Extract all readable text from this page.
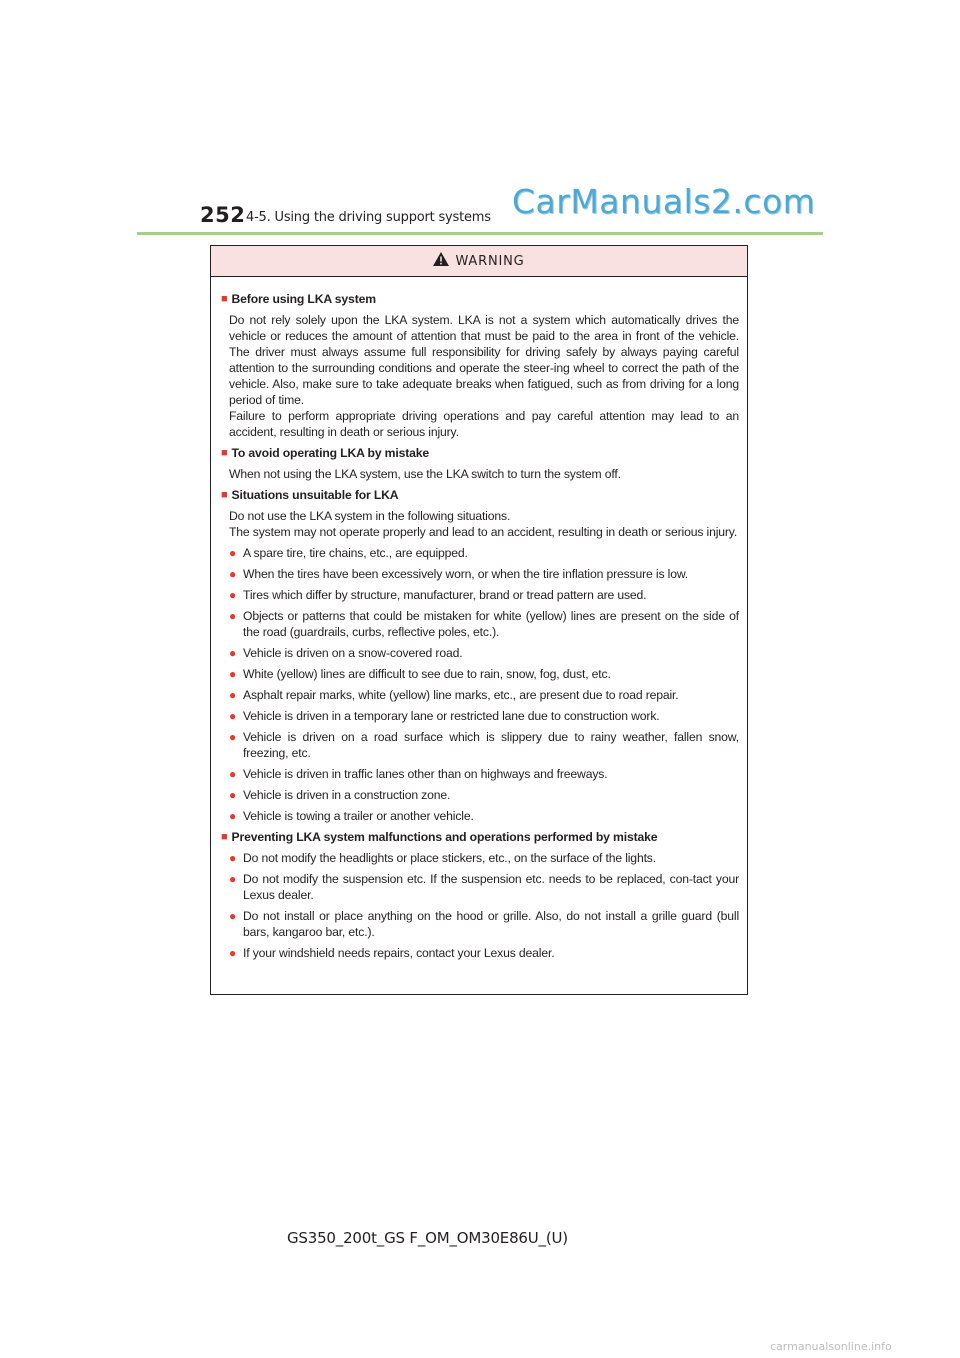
252 4-5. Using the driving support systems CarManuals2.com
WARNING
■ Before using LKA system
Do not rely solely upon the LKA system. LKA is not a system which automatically drives the vehicle or reduces the amount of attention that must be paid to the area in front of the vehicle. The driver must always assume full responsibility for driving safely by always paying careful attention to the surrounding conditions and operate the steer-ing wheel to correct the path of the vehicle. Also, make sure to take adequate breaks when fatigued, such as from driving for a long period of time.
Failure to perform appropriate driving operations and pay careful attention may lead to an accident, resulting in death or serious injury.
■ To avoid operating LKA by mistake
When not using the LKA system, use the LKA switch to turn the system off.
■ Situations unsuitable for LKA
Do not use the LKA system in the following situations.
The system may not operate properly and lead to an accident, resulting in death or serious injury.
● A spare tire, tire chains, etc., are equipped.
● When the tires have been excessively worn, or when the tire inflation pressure is low.
● Tires which differ by structure, manufacturer, brand or tread pattern are used.
● Objects or patterns that could be mistaken for white (yellow) lines are present on the side of the road (guardrails, curbs, reflective poles, etc.).
● Vehicle is driven on a snow-covered road.
● White (yellow) lines are difficult to see due to rain, snow, fog, dust, etc.
● Asphalt repair marks, white (yellow) line marks, etc., are present due to road repair.
● Vehicle is driven in a temporary lane or restricted lane due to construction work.
● Vehicle is driven on a road surface which is slippery due to rainy weather, fallen snow, freezing, etc.
● Vehicle is driven in traffic lanes other than on highways and freeways.
● Vehicle is driven in a construction zone.
● Vehicle is towing a trailer or another vehicle.
■ Preventing LKA system malfunctions and operations performed by mistake
● Do not modify the headlights or place stickers, etc., on the surface of the lights.
● Do not modify the suspension etc. If the suspension etc. needs to be replaced, con-tact your Lexus dealer.
● Do not install or place anything on the hood or grille. Also, do not install a grille guard (bull bars, kangaroo bar, etc.).
● If your windshield needs repairs, contact your Lexus dealer.
GS350_200t_GS F_OM_OM30E86U_(U)
carmanualsonline.info
